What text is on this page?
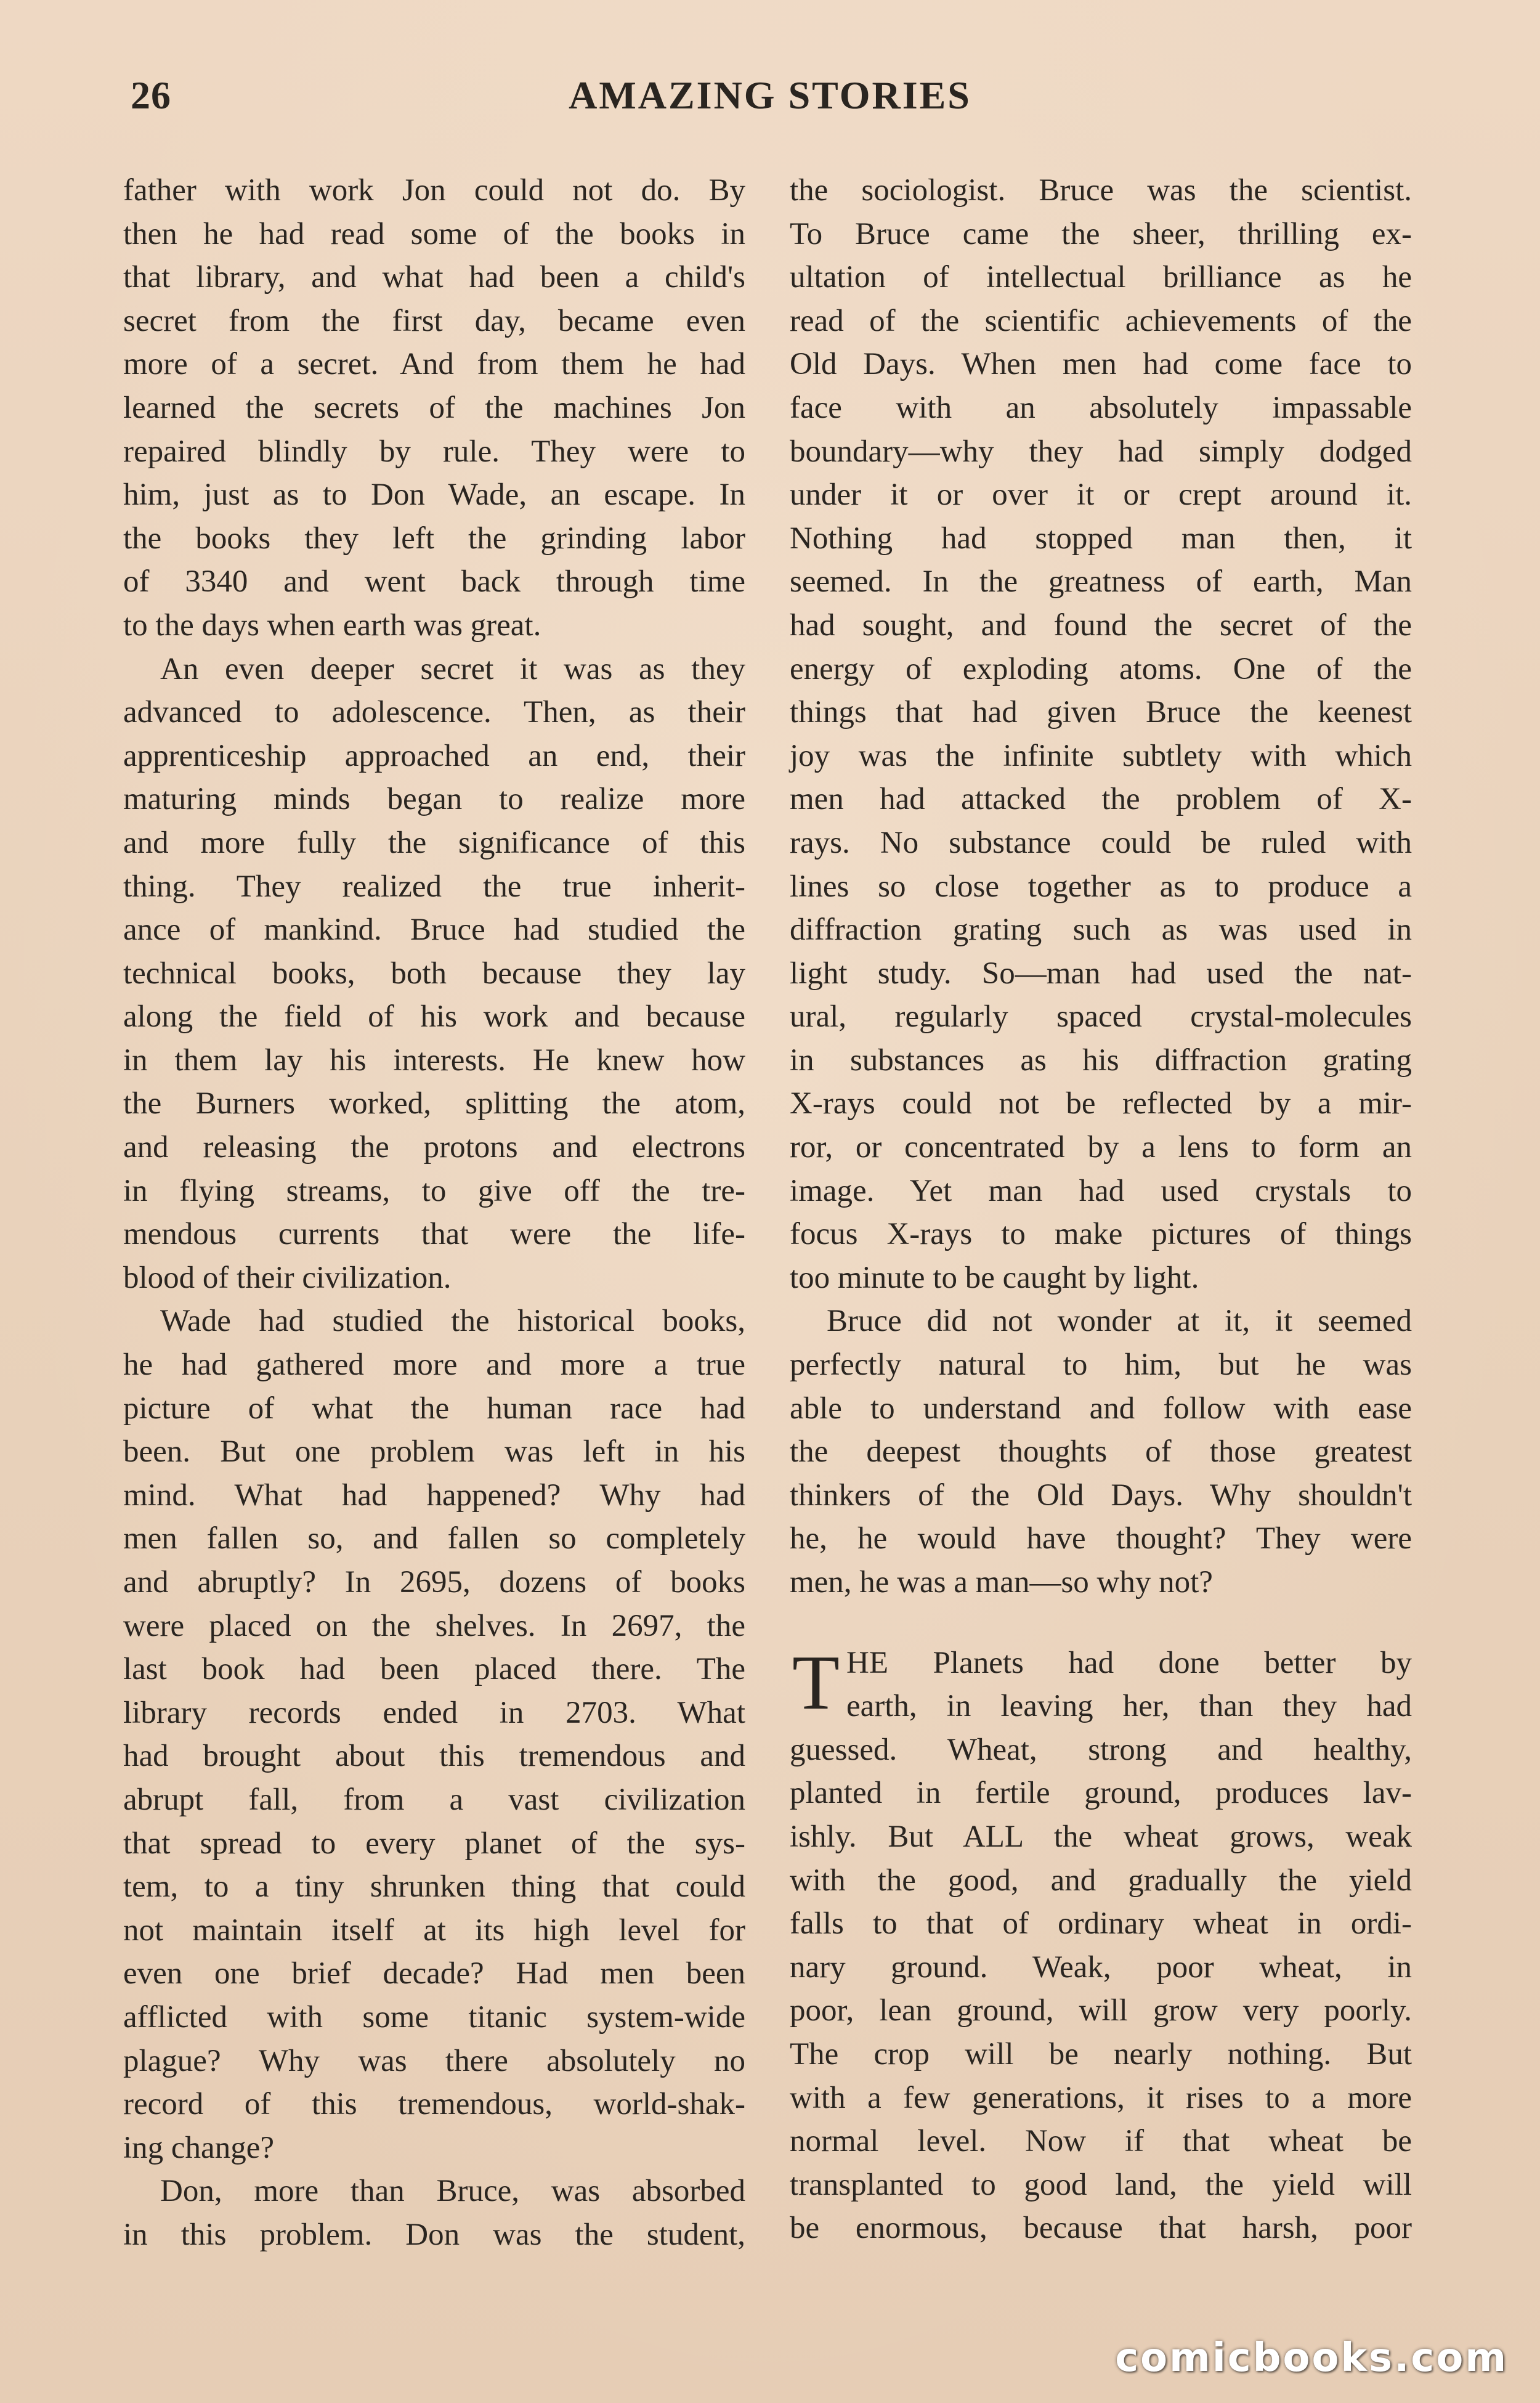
26	AMAZING STORIES
father with work Jon could not do. By
then he had read some of the books in
that library, and what had been a child's
secret from the first day, became even
more of a secret. And from them he had
learned the secrets of the machines Jon
repaired blindly by rule. They were to
him, just as to Don Wade, an escape. In
the books they left the grinding labor
of 3340 and went back through time
to the days when earth was great.
An even deeper secret it was as they
advanced to adolescence. Then, as their
apprenticeship approached an end, their
maturing minds began to realize more
and more fully the significance of this
thing. They realized the true inherit-
ance of mankind. Bruce had studied the
technical books, both because they lay
along the field of his work and because
in them lay his interests. He knew how
the Burners worked, splitting the atom,
and releasing the protons and electrons
in flying streams, to give off the tre-
mendous currents that were the life-
blood of their civilization.
Wade had studied the historical books,
he had gathered more and more a true
picture of what the human race had
been. But one problem was left in his
mind. What had happened? Why had
men fallen so, and fallen so completely
and abruptly? In 2695, dozens of books
were placed on the shelves. In 2697, the
last book had been placed there. The
library records ended in 2703. What
had brought about this tremendous and
abrupt fall, from a vast civilization
that spread to every planet of the sys-
tem, to a tiny shrunken thing that could
not maintain itself at its high level for
even one brief decade? Had men been
afflicted with some titanic system-wide
plague? Why was there absolutely no
record of this tremendous, world-shak-
ing change?
Don, more than Bruce, was absorbed
in this problem. Don was the student,
the sociologist. Bruce was the scientist.
To Bruce came the sheer, thrilling ex-
ultation of intellectual brilliance as he
read of the scientific achievements of the
Old Days. When men had come face to
face with an absolutely impassable
boundary—why they had simply dodged
under it or over it or crept around it.
Nothing had stopped man then, it
seemed. In the greatness of earth, Man
had sought, and found the secret of the
energy of exploding atoms. One of the
things that had given Bruce the keenest
joy was the infinite subtlety with which
men had attacked the problem of X-
rays. No substance could be ruled with
lines so close together as to produce a
diffraction grating such as was used in
light study. So—man had used the nat-
ural, regularly spaced crystal-molecules
in substances as his diffraction grating
X-rays could not be reflected by a mir-
ror, or concentrated by a lens to form an
image. Yet man had used crystals to
focus X-rays to make pictures of things
too minute to be caught by light.
Bruce did not wonder at it, it seemed
perfectly natural to him, but he was
able to understand and follow with ease
the deepest thoughts of those greatest
thinkers of the Old Days. Why shouldn't
he, he would have thought? They were
men, he was a man—so why not?
T HE Planets had done better by
earth, in leaving her, than they had
guessed. Wheat, strong and healthy,
planted in fertile ground, produces lav-
ishly. But ALL the wheat grows, weak
with the good, and gradually the yield
falls to that of ordinary wheat in ordi-
nary ground. Weak, poor wheat, in
poor, lean ground, will grow very poorly.
The crop will be nearly nothing. But
with a few generations, it rises to a more
normal level. Now if that wheat be
transplanted to good land, the yield will
be enormous, because that harsh, poor
comicbooks.com
